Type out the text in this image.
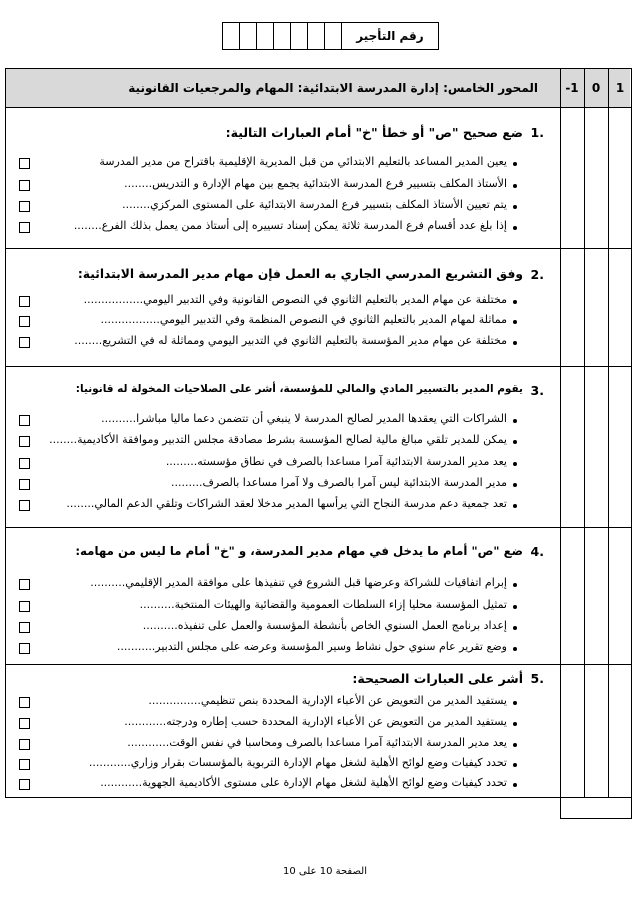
رقم التأجير
المحور الخامس: إدارة المدرسة الابتدائية: المهام والمرجعيات القانونية	-1	0	1
.1
ضع صحيح "ص" أو خطأ "خ" أمام العبارات التالية:
يعين المدير المساعد بالتعليم الابتدائي من قبل المديرية الإقليمية باقتراح من مدير المدرسة
الأستاذ المكلف بتسيير فرع المدرسة الابتدائية يجمع بين مهام الإدارة و التدريس........
يتم تعيين الأستاذ المكلف بتسيير فرع المدرسة الابتدائية على المستوى المركزي........
إذا بلغ عدد أقسام فرع المدرسة ثلاثة يمكن إسناد تسييره إلى أستاذ ممن يعمل بذلك الفرع........
.2
وفق التشريع المدرسي الجاري به العمل فإن مهام مدير المدرسة الابتدائية:
مختلفة عن مهام المدير بالتعليم الثانوي في النصوص القانونية وفي التدبير اليومي.................
مماثلة لمهام المدير بالتعليم الثانوي في النصوص المنظمة وفي التدبير اليومي.................
مختلفة عن مهام مدير المؤسسة بالتعليم الثانوي في التدبير اليومي ومماثلة له في التشريع........
.3
يقوم المدير بالتسيير المادي والمالي للمؤسسة، أشر على الصلاحيات المخولة له قانونيا:
الشراكات التي يعقدها المدير لصالح المدرسة لا ينبغي أن تتضمن دعما ماليا مباشرا..........
يمكن للمدير تلقي مبالغ مالية لصالح المؤسسة بشرط مصادقة مجلس التدبير وموافقة الأكاديمية........
يعد مدير المدرسة الابتدائية آمرا مساعدا بالصرف في نطاق مؤسسته.........
مدير المدرسة الابتدائية ليس آمرا بالصرف ولا آمرا مساعدا بالصرف.........
تعد جمعية دعم مدرسة النجاح التي يرأسها المدير مدخلا لعقد الشراكات وتلقي الدعم المالي........
.4
ضع "ص" أمام ما يدخل في مهام مدير المدرسة، و "خ" أمام ما ليس من مهامه:
إبرام اتفاقيات للشراكة وعرضها قبل الشروع في تنفيذها على موافقة المدير الإقليمي..........
تمثيل المؤسسة محليا إزاء السلطات العمومية والقضائية والهيئات المنتخبة..........
إعداد برنامج العمل السنوي الخاص بأنشطة المؤسسة والعمل على تنفيذه..........
وضع تقرير عام سنوي حول نشاط وسير المؤسسة وعرضه على مجلس التدبير...........
.5
أشر على العبارات الصحيحة:
يستفيد المدير من التعويض عن الأعباء الإدارية المحددة بنص تنظيمي...............
يستفيد المدير من التعويض عن الأعباء الإدارية المحددة حسب إطاره ودرجته............
يعد مدير المدرسة الابتدائية آمرا مساعدا بالصرف ومحاسبا في نفس الوقت............
تحدد كيفيات وضع لوائح الأهلية لشغل مهام الإدارة التربوية بالمؤسسات بقرار وزاري............
تحدد كيفيات وضع لوائح الأهلية لشغل مهام الإدارة على مستوى الأكاديمية الجهوية............
الصفحة 10 على 10
